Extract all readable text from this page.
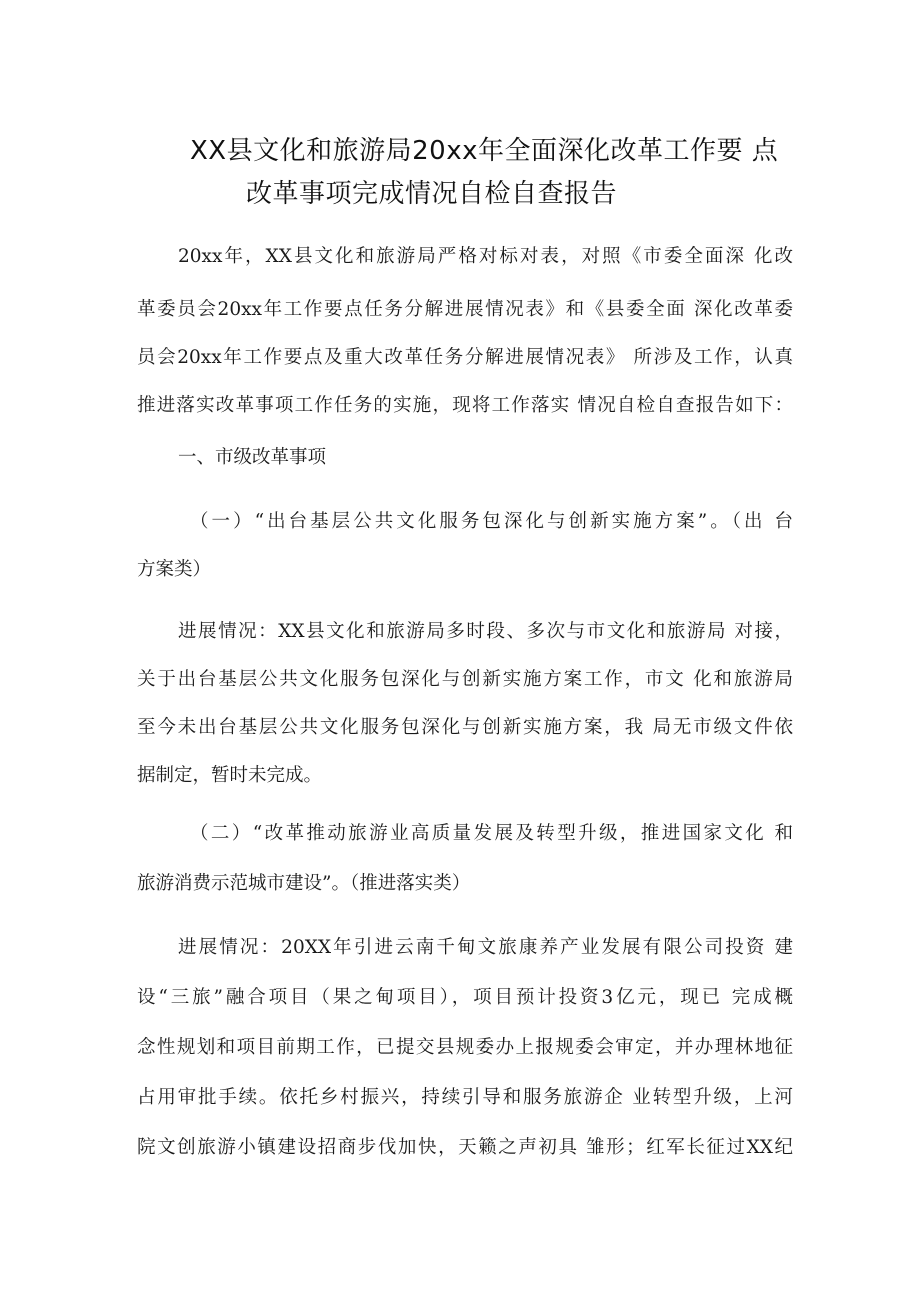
XX县文化和旅游局20xx年全面深化改革工作要 点
改革事项完成情况自检自查报告
20xx年，XX县文化和旅游局严格对标对表，对照《市委全面深 化改
革委员会20xx年工作要点任务分解进展情况表》和《县委全面 深化改革委
员会20xx年工作要点及重大改革任务分解进展情况表》 所涉及工作，认真
推进落实改革事项工作任务的实施，现将工作落实 情况自检自查报告如下：
一、市级改革事项
（一）“出台基层公共文化服务包深化与创新实施方案”。（出 台
方案类）
进展情况：XX县文化和旅游局多时段、多次与市文化和旅游局 对接，
关于出台基层公共文化服务包深化与创新实施方案工作，市文 化和旅游局
至今未出台基层公共文化服务包深化与创新实施方案，我 局无市级文件依
据制定，暂时未完成。
（二）“改革推动旅游业高质量发展及转型升级，推进国家文化 和
旅游消费示范城市建设”。（推进落实类）
进展情况：20XX年引进云南千甸文旅康养产业发展有限公司投资 建
设“三旅”融合项目（果之甸项目），项目预计投资3亿元，现已 完成概
念性规划和项目前期工作，已提交县规委办上报规委会审定，并办理林地征
占用审批手续。依托乡村振兴，持续引导和服务旅游企 业转型升级，上河
院文创旅游小镇建设招商步伐加快，天籁之声初具 雏形；红军长征过XX纪
